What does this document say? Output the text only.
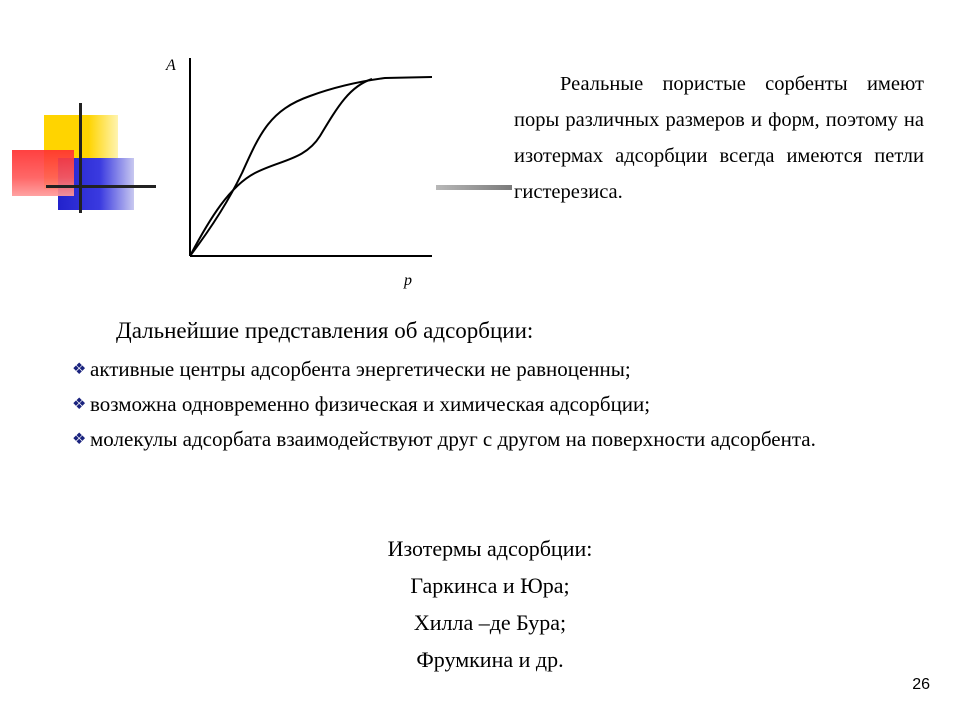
A
p

Реальные пористые сорбенты имеют поры различных размеров и форм, поэтому на изотермах адсорбции всегда имеются петли гистерезиса.

Дальнейшие представления об адсорбции:
❖ активные центры адсорбента энергетически не равноценны;
❖ возможна одновременно физическая и химическая адсорбции;
❖ молекулы адсорбата взаимодействуют друг с другом на поверхности адсорбента.
Изотермы адсорбции:
Гаркинса и Юра;
Хилла –де Бура;
Фрумкина и др.
26
